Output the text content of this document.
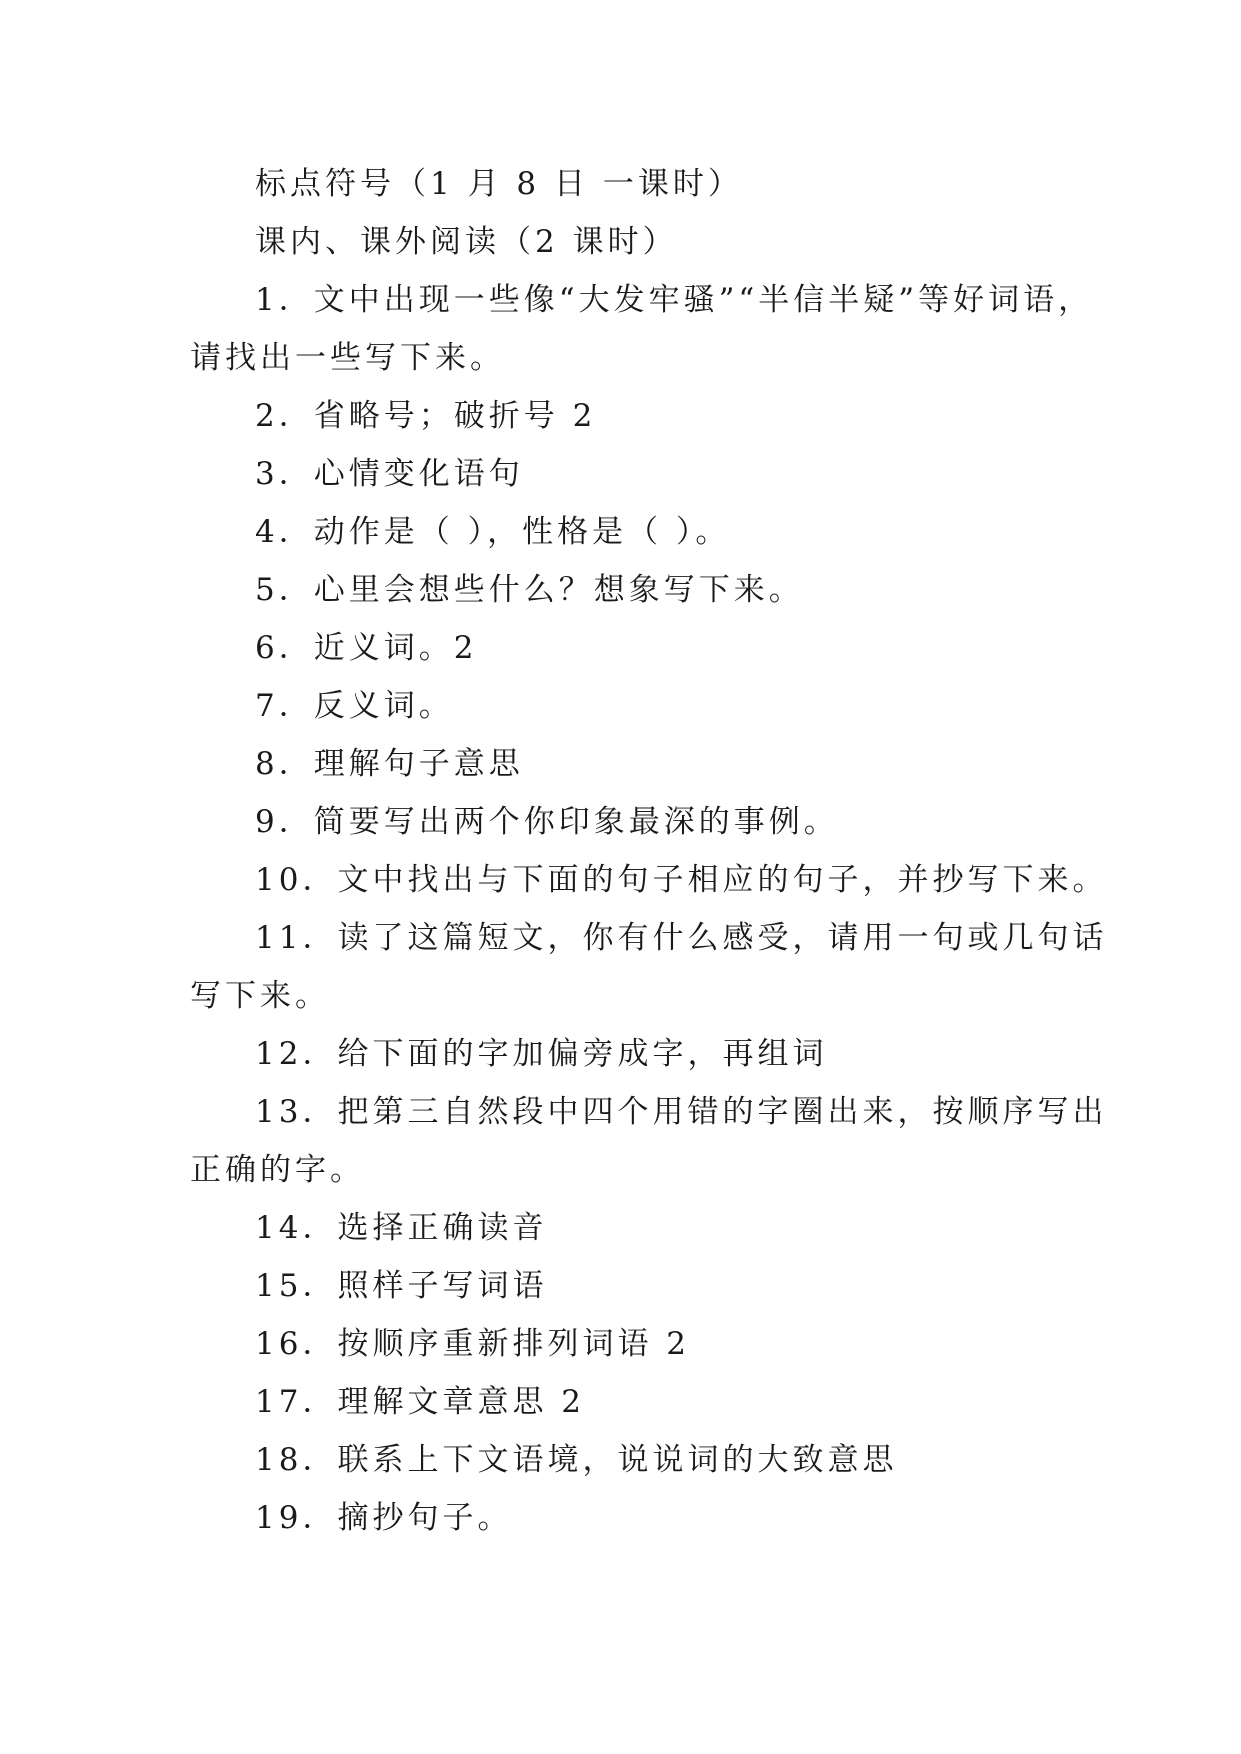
标点符号（1 月 8 日 一课时）
课内、课外阅读（2 课时）
1．文中出现一些像“大发牢骚”“半信半疑”等好词语，
请找出一些写下来。
2．省略号；破折号 2
3．心情变化语句
4．动作是（ ），性格是（ ）。
5．心里会想些什么？想象写下来。
6．近义词。2
7．反义词。
8．理解句子意思
9．简要写出两个你印象最深的事例。
10．文中找出与下面的句子相应的句子，并抄写下来。
11．读了这篇短文，你有什么感受，请用一句或几句话
写下来。
12．给下面的字加偏旁成字，再组词
13．把第三自然段中四个用错的字圈出来，按顺序写出
正确的字。
14．选择正确读音
15．照样子写词语
16．按顺序重新排列词语 2
17．理解文章意思 2
18．联系上下文语境，说说词的大致意思
19．摘抄句子。
